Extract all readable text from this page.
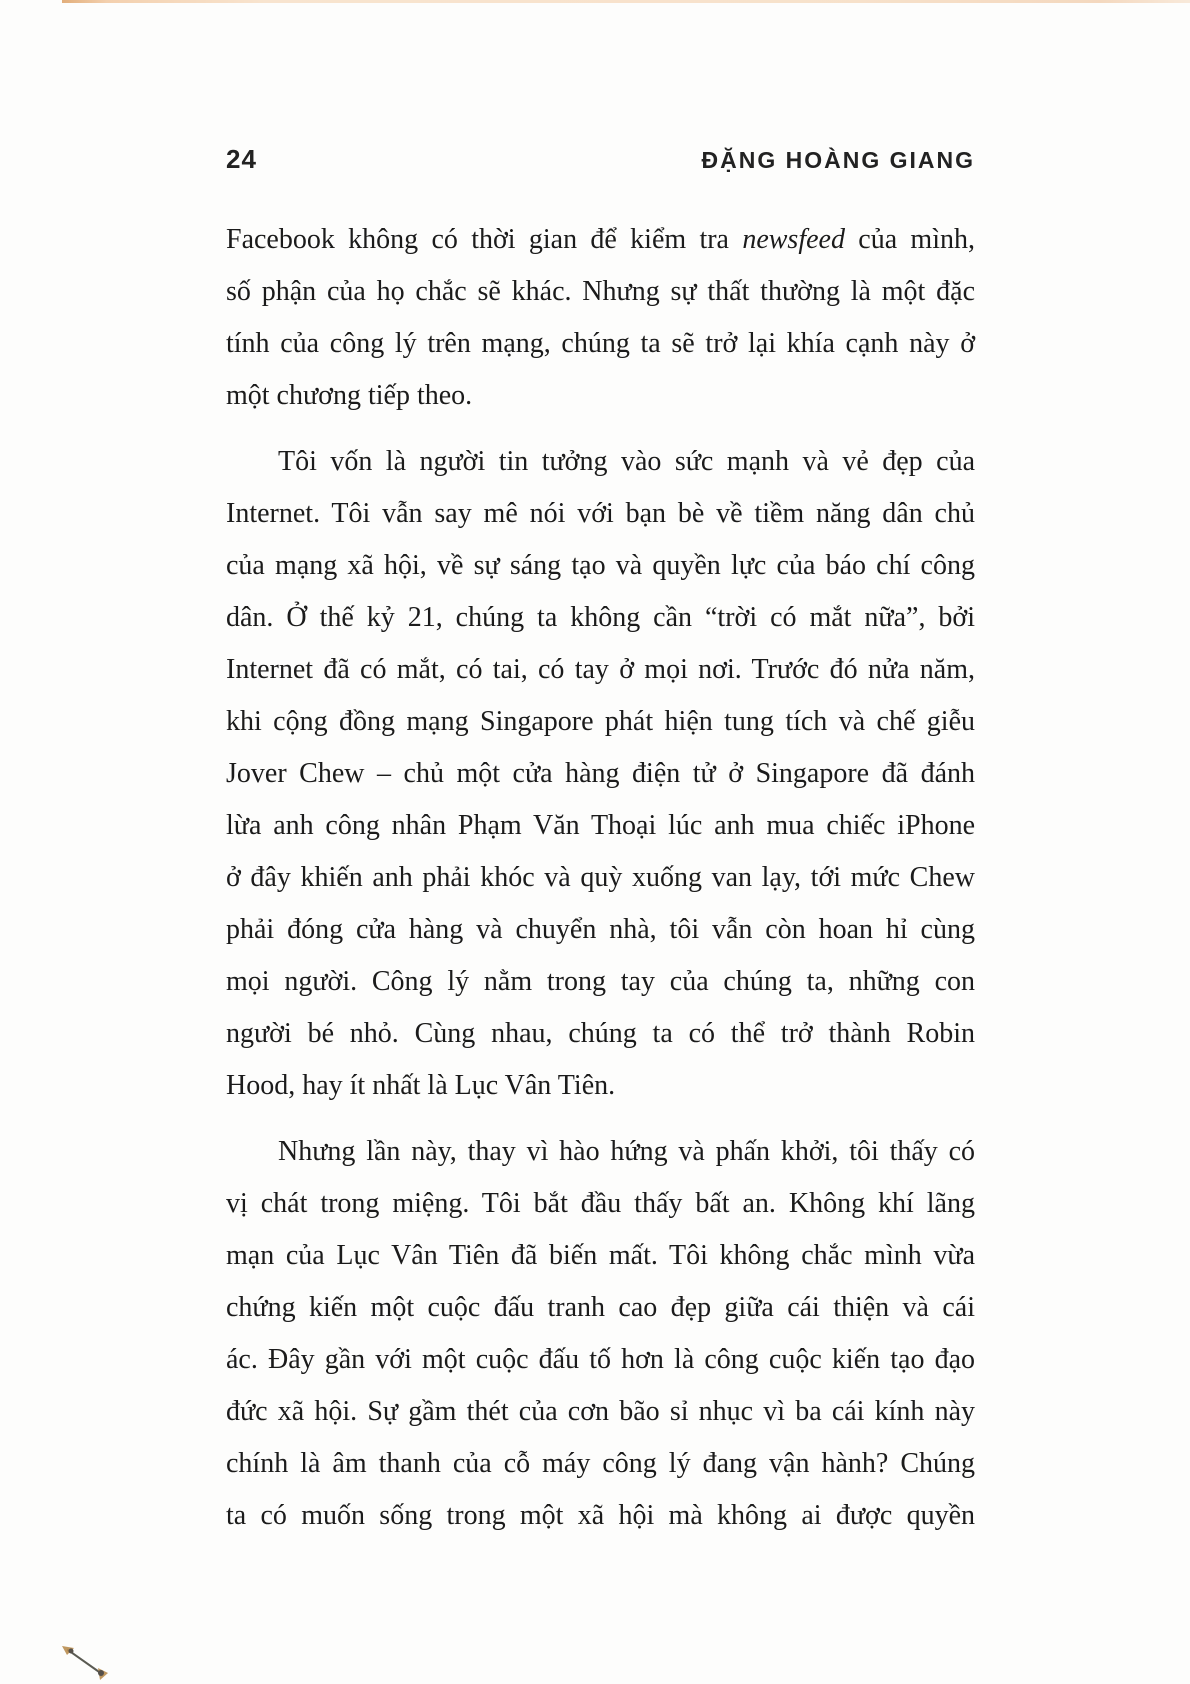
24	ĐẶNG HOÀNG GIANG
Facebook không có thời gian để kiểm tra newsfeed của mình,
số phận của họ chắc sẽ khác. Nhưng sự thất thường là một đặc
tính của công lý trên mạng, chúng ta sẽ trở lại khía cạnh này ở
một chương tiếp theo.
Tôi vốn là người tin tưởng vào sức mạnh và vẻ đẹp của
Internet. Tôi vẫn say mê nói với bạn bè về tiềm năng dân chủ
của mạng xã hội, về sự sáng tạo và quyền lực của báo chí công
dân. Ở thế kỷ 21, chúng ta không cần “trời có mắt nữa”, bởi
Internet đã có mắt, có tai, có tay ở mọi nơi. Trước đó nửa năm,
khi cộng đồng mạng Singapore phát hiện tung tích và chế giễu
Jover Chew – chủ một cửa hàng điện tử ở Singapore đã đánh
lừa anh công nhân Phạm Văn Thoại lúc anh mua chiếc iPhone
ở đây khiến anh phải khóc và quỳ xuống van lạy, tới mức Chew
phải đóng cửa hàng và chuyển nhà, tôi vẫn còn hoan hỉ cùng
mọi người. Công lý nằm trong tay của chúng ta, những con
người bé nhỏ. Cùng nhau, chúng ta có thể trở thành Robin
Hood, hay ít nhất là Lục Vân Tiên.
Nhưng lần này, thay vì hào hứng và phấn khởi, tôi thấy có
vị chát trong miệng. Tôi bắt đầu thấy bất an. Không khí lãng
mạn của Lục Vân Tiên đã biến mất. Tôi không chắc mình vừa
chứng kiến một cuộc đấu tranh cao đẹp giữa cái thiện và cái
ác. Đây gần với một cuộc đấu tố hơn là công cuộc kiến tạo đạo
đức xã hội. Sự gầm thét của cơn bão sỉ nhục vì ba cái kính này
chính là âm thanh của cỗ máy công lý đang vận hành? Chúng
ta có muốn sống trong một xã hội mà không ai được quyền
